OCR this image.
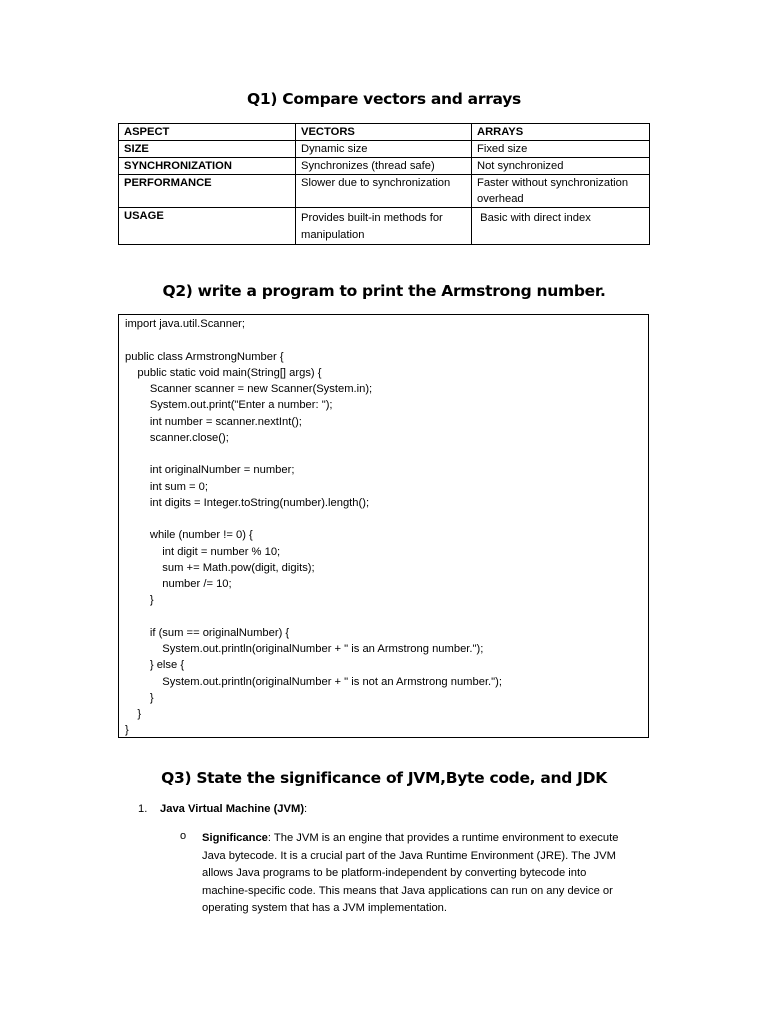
Q1) Compare vectors and arrays
ASPECT	VECTORS	ARRAYS
SIZE	Dynamic size	Fixed size
SYNCHRONIZATION	Synchronizes (thread safe)	Not synchronized
PERFORMANCE	Slower due to synchronization	Faster without synchronization overhead
USAGE	Provides built-in methods for manipulation	Basic with direct index
Q2) write a program to print the Armstrong number.
import java.util.Scanner;
public class ArmstrongNumber {
public static void main(String[] args) {
Scanner scanner = new Scanner(System.in);
System.out.print("Enter a number: ");
int number = scanner.nextInt();
scanner.close();
int originalNumber = number;
int sum = 0;
int digits = Integer.toString(number).length();
while (number != 0) {
int digit = number % 10;
sum += Math.pow(digit, digits);
number /= 10;
}
if (sum == originalNumber) {
System.out.println(originalNumber + " is an Armstrong number.");
} else {
System.out.println(originalNumber + " is not an Armstrong number.");
}
}
}
Q3) State the significance of JVM,Byte code, and JDK
1. Java Virtual Machine (JVM):
o Significance: The JVM is an engine that provides a runtime environment to execute
Java bytecode. It is a crucial part of the Java Runtime Environment (JRE). The JVM
allows Java programs to be platform-independent by converting bytecode into
machine-specific code. This means that Java applications can run on any device or
operating system that has a JVM implementation.
